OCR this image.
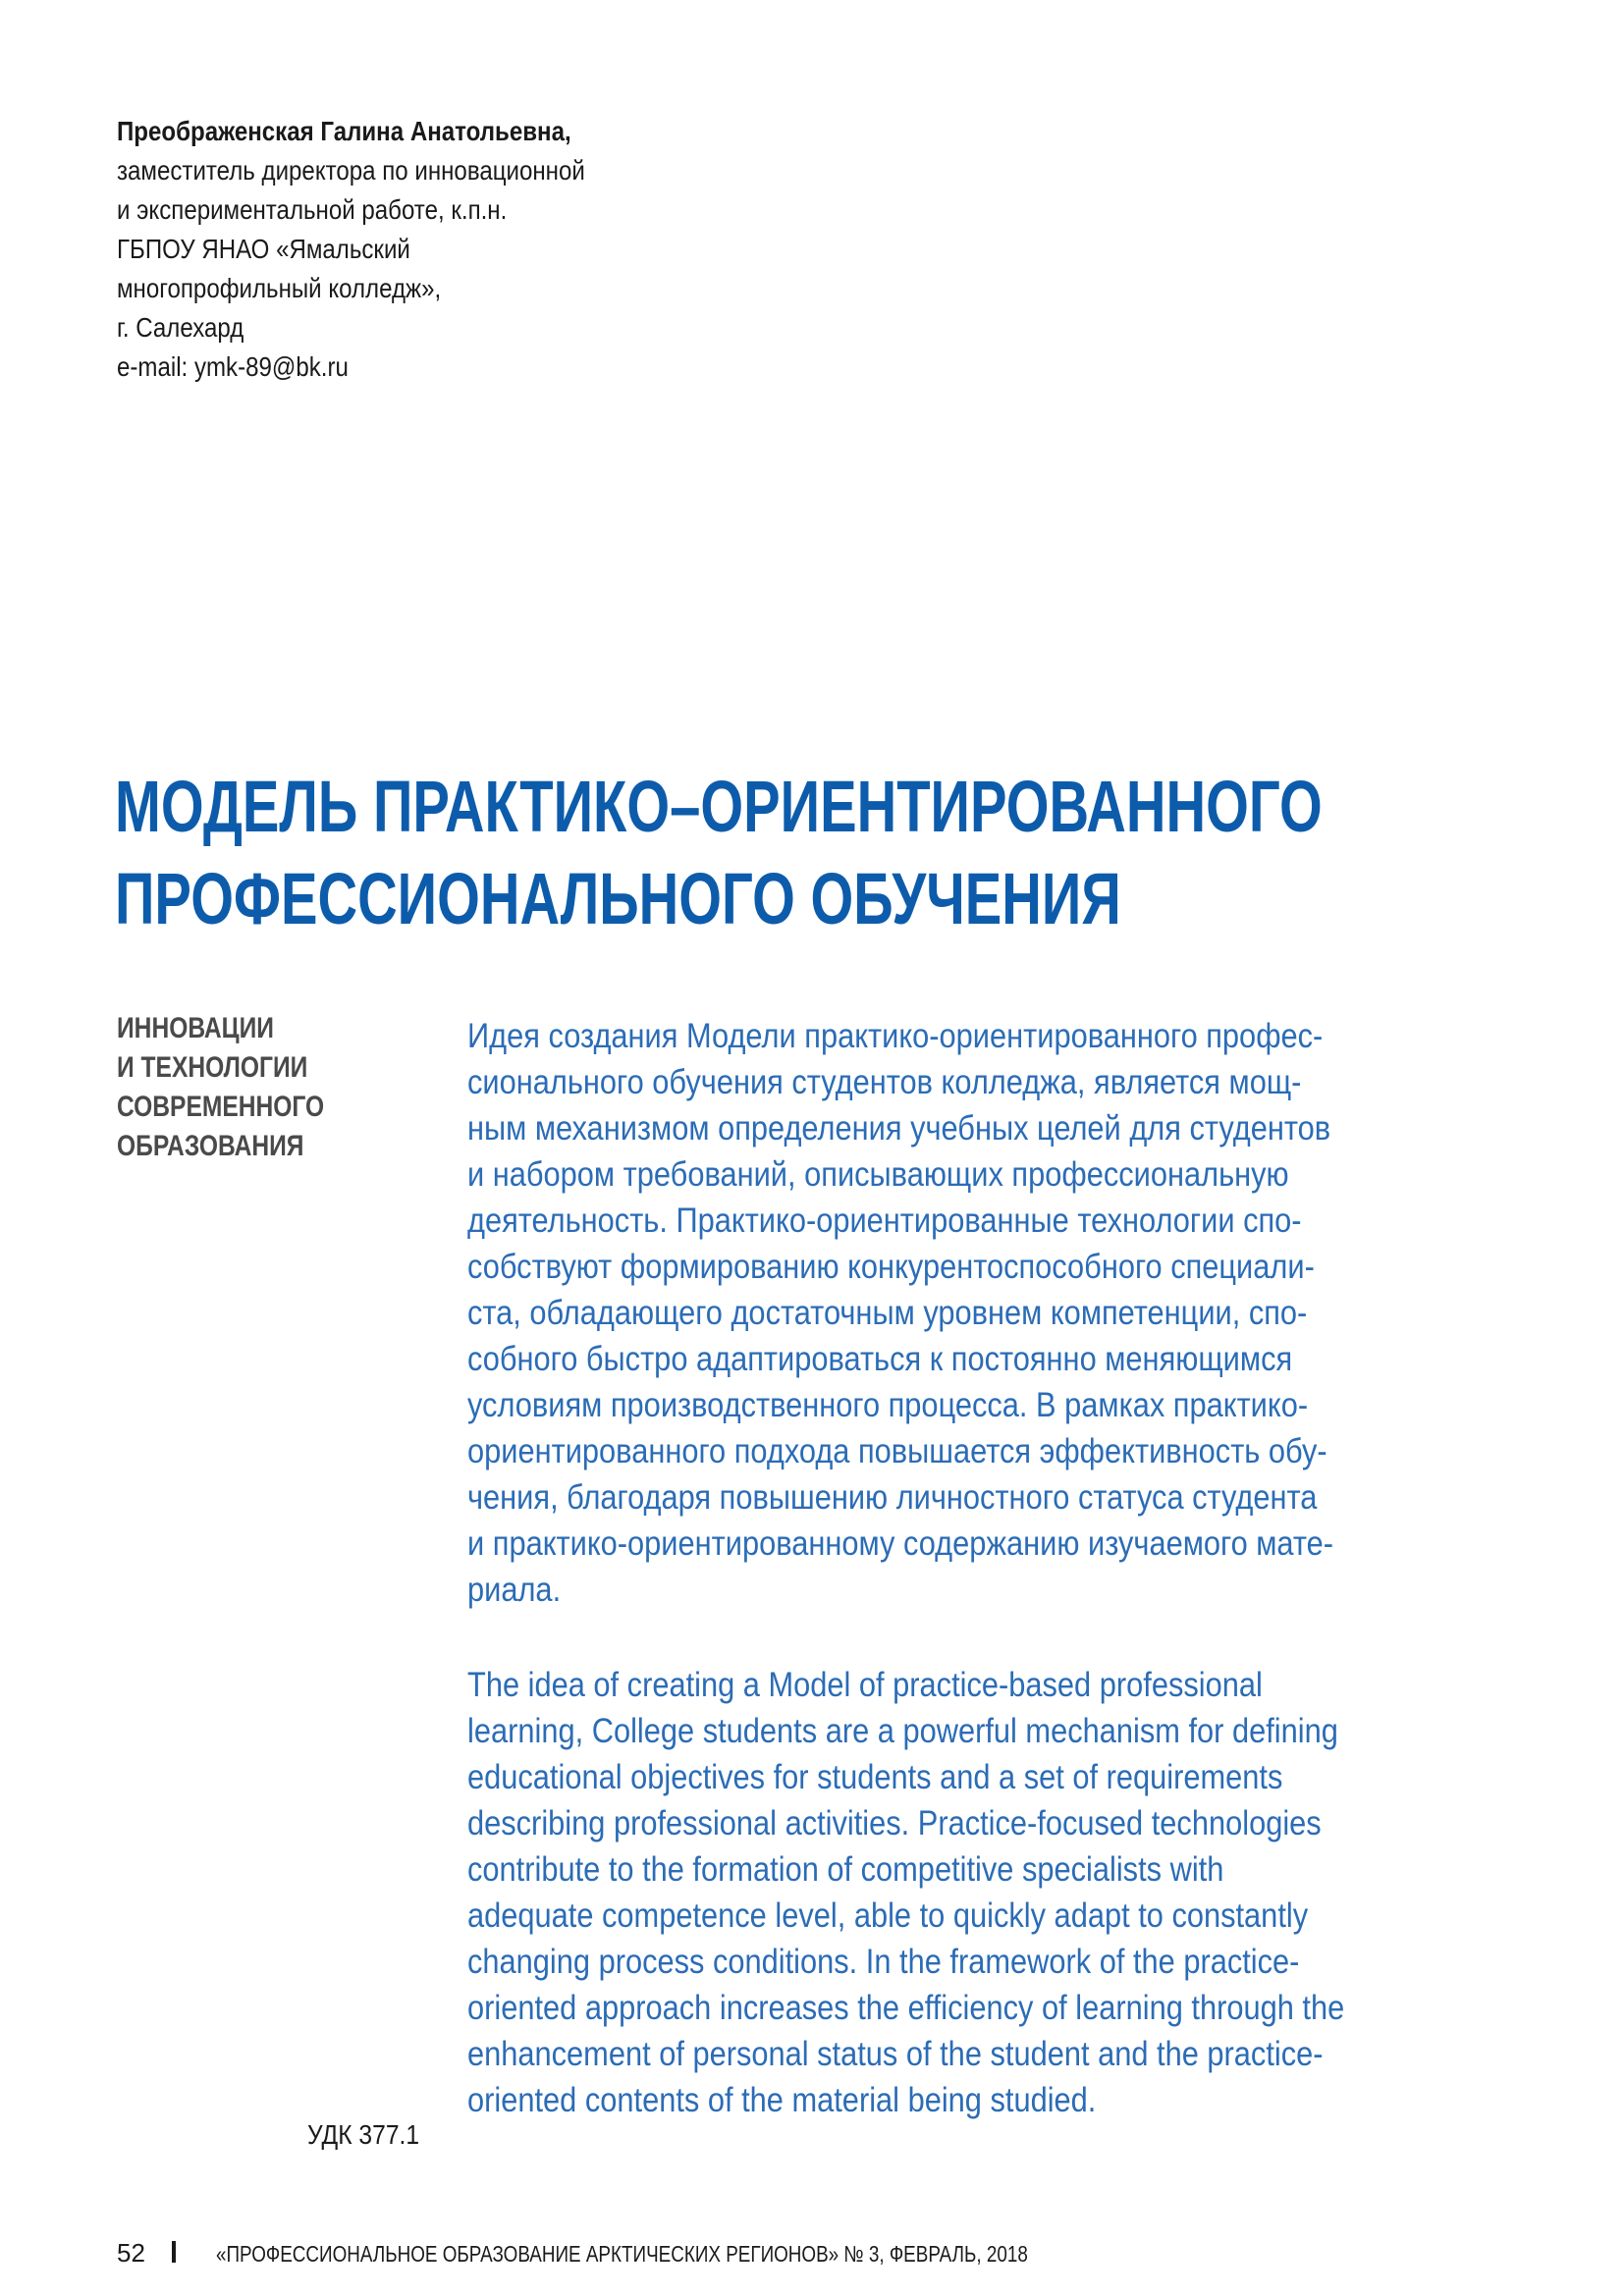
Преображенская Галина Анатольевна,
заместитель директора по инновационной
и экспериментальной работе, к.п.н.
ГБПОУ ЯНАО «Ямальский
многопрофильный колледж»,
г. Салехард
e-mail: ymk-89@bk.ru
МОДЕЛЬ ПРАКТИКО–ОРИЕНТИРОВАННОГО
ПРОФЕССИОНАЛЬНОГО ОБУЧЕНИЯ
ИННОВАЦИИ
И ТЕХНОЛОГИИ
СОВРЕМЕННОГО
ОБРАЗОВАНИЯ
Идея создания Модели практико-ориентированного профес-
сионального обучения студентов колледжа, является мощ-
ным механизмом определения учебных целей для студентов
и набором требований, описывающих профессиональную
деятельность. Практико-ориентированные технологии спо-
собствуют формированию конкурентоспособного специали-
ста, обладающего достаточным уровнем компетенции, спо-
собного быстро адаптироваться к постоянно меняющимся
условиям производственного процесса. В рамках практико-
ориентированного подхода повышается эффективность обу-
чения, благодаря повышению личностного статуса студента
и практико-ориентированному содержанию изучаемого мате-
риала.
The idea of creating a Model of practice-based professional
learning, College students are a powerful mechanism for defining
educational objectives for students and a set of requirements
describing professional activities. Practice-focused technologies
contribute to the formation of competitive specialists with
adequate competence level, able to quickly adapt to constantly
changing process conditions. In the framework of the practice-
oriented approach increases the efficiency of learning through the
enhancement of personal status of the student and the practice-
oriented contents of the material being studied.
УДК 377.1
52	«ПРОФЕССИОНАЛЬНОЕ ОБРАЗОВАНИЕ АРКТИЧЕСКИХ РЕГИОНОВ» № 3, ФЕВРАЛЬ, 2018
